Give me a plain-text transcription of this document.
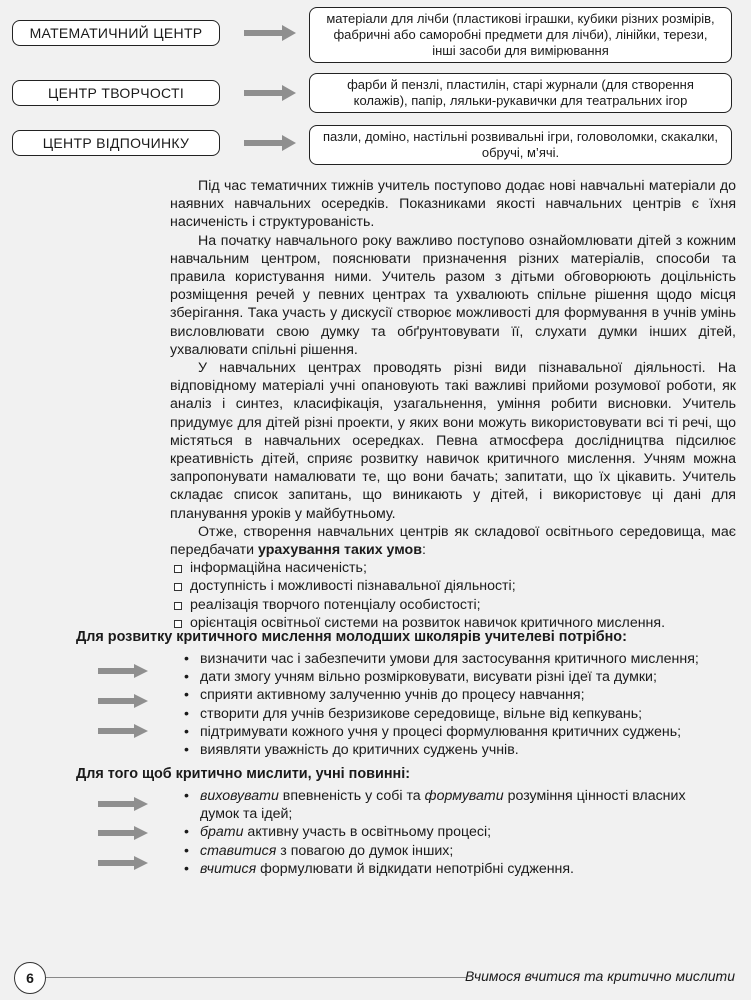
МАТЕМАТИЧНИЙ ЦЕНТР
матеріали для лічби (пластикові іграшки, кубики різних розмірів, фабричні або саморобні предмети для лічби), лінійки, терези, інші засоби для вимірювання
ЦЕНТР ТВОРЧОСТІ
фарби й пензлі, пластилін, старі журнали (для створення колажів), папір, ляльки-рукавички для театральних ігор
ЦЕНТР ВІДПОЧИНКУ	пазли, доміно, настільні розвивальні ігри, головоломки, скакалки, обручі, м’ячі.

Під час тематичних тижнів учитель поступово додає нові навчальні матеріали до наявних навчальних осередків. Показниками якості навчальних центрів є їхня насиченість і структурованість.

На початку навчального року важливо поступово ознайомлювати дітей з кожним навчальним центром, пояснювати призначення різних матеріалів, способи та правила користування ними. Учитель разом з дітьми обговорюють доцільність розміщення речей у певних центрах та ухвалюють спільне рішення щодо місця зберігання. Така участь у дискусії створює можливості для формування в учнів умінь висловлювати свою думку та обґрунтовувати її, слухати думки інших дітей, ухвалювати спільні рішення.

У навчальних центрах проводять різні види пізнавальної діяльності. На відповідному матеріалі учні опановують такі важливі прийоми розумової роботи, як аналіз і синтез, класифікація, узагальнення, уміння робити висновки. Учитель придумує для дітей різні проекти, у яких вони можуть використовувати всі ті речі, що містяться в навчальних осередках. Певна атмосфера дослідництва підсилює креативність дітей, сприяє розвитку навичок критичного мислення. Учням можна запропонувати намалювати те, що вони бачать; запитати, що їх цікавить. Учитель складає список запитань, що виникають у дітей, і використовує ці дані для планування уроків у майбутньому.

Отже, створення навчальних центрів як складової освітнього середовища, має передбачати урахування таких умов:

інформаційна насиченість;
доступність і можливості пізнавальної діяльності;
реалізація творчого потенціалу особистості;
орієнтація освітньої системи на розвиток навичок критичного мислення.
Для розвитку критичного мислення молодших школярів учителеві потрібно:
• визначити час і забезпечити умови для застосування критичного мислення;
• дати змогу учням вільно розмірковувати, висувати різні ідеї та думки;
• сприяти активному залученню учнів до процесу навчання;
• створити для учнів безризикове середовище, вільне від кепкувань;
• підтримувати кожного учня у процесі формулювання критичних суджень;
• виявляти уважність до критичних суджень учнів.
Для того щоб критично мислити, учні повинні:
• виховувати впевненість у собі та формувати розуміння цінності власних думок та ідей;
• брати активну участь в освітньому процесі;
• ставитися з повагою до думок інших;
• вчитися формулювати й відкидати непотрібні судження.
6	Вчимося вчитися та критично мислити
